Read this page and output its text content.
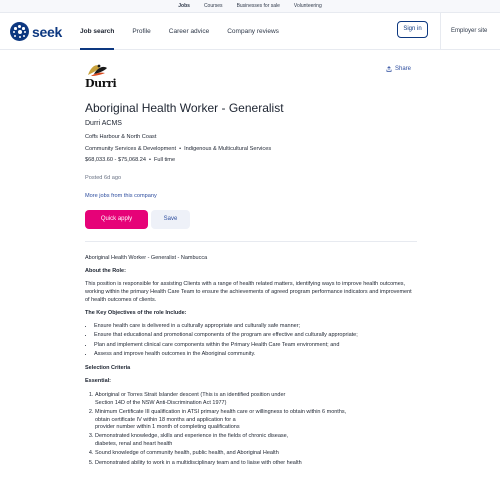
Jobs	Courses	Businesses for sale	Volunteering
seek	Job search	Profile	Career advice	Company reviews	Sign in	Employer site
Durri
Share
Aboriginal Health Worker - Generalist
Durri ACMS
Coffs Harbour & North Coast
Community Services & Development • Indigenous & Multicultural Services
$68,033.60 - $75,068.24 • Full time
Posted 6d ago
More jobs from this company
Quick apply	Save

Aboriginal Health Worker - Generalist - Nambucca

About the Role:

This position is responsible for assisting Clients with a range of health related matters, identifying ways to improve health outcomes, working within the primary Health Care Team to ensure the achievements of agreed program performance indicators and improvement of health outcomes of clients.

The Key Objectives of the role Include:

• Ensure health care is delivered in a culturally appropriate and culturally safe manner;
• Ensure that educational and promotional components of the program are effective and culturally appropriate;
• Plan and implement clinical care components within the Primary Health Care Team environment; and
• Assess and improve health outcomes in the Aboriginal community.

Selection Criteria

Essential:

1. Aboriginal or Torres Strait Islander descent (This is an identified position under
Section 14D of the NSW Anti-Discrimination Act 1977)
2. Minimum Certificate III qualification in ATSI primary health care or willingness to obtain within 6 months,
obtain certificate IV within 18 months and application for a
provider number within 1 month of completing qualifications
3. Demonstrated knowledge, skills and experience in the fields of chronic disease,
diabetes, renal and heart health
4. Sound knowledge of community health, public health, and Aboriginal Health
5. Demonstrated ability to work in a multidisciplinary team and to liaise with other health
